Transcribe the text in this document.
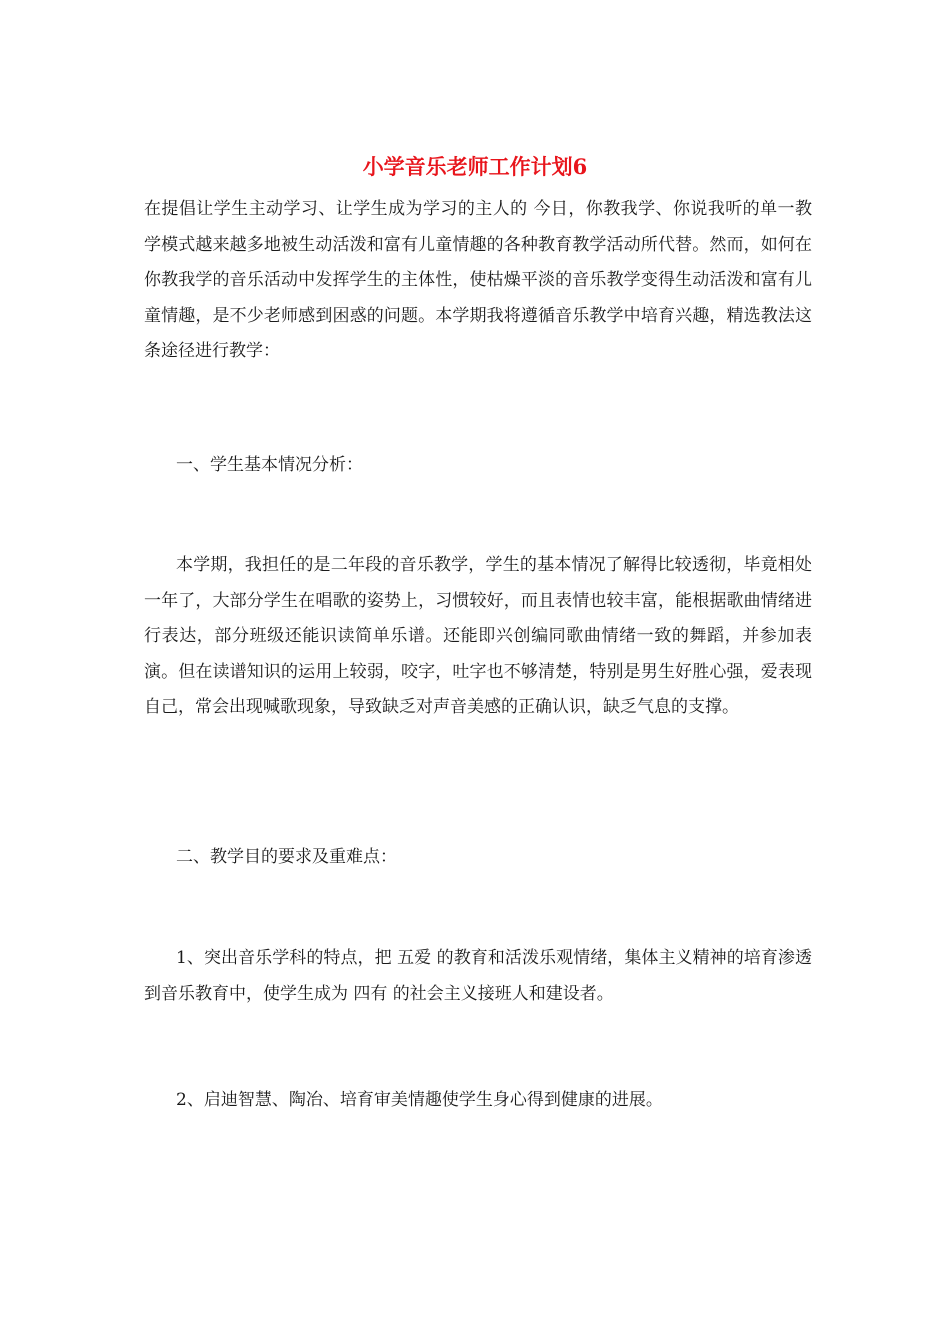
小学音乐老师工作计划6

在提倡让学生主动学习、让学生成为学习的主人的 今日，你教我学、你说我听的单一教学模式越来越多地被生动活泼和富有儿童情趣的各种教育教学活动所代替。然而，如何在你教我学的音乐活动中发挥学生的主体性，使枯燥平淡的音乐教学变得生动活泼和富有儿童情趣，是不少老师感到困惑的问题。本学期我将遵循音乐教学中培育兴趣，精选教法这条途径进行教学：

一、学生基本情况分析：

本学期，我担任的是二年段的音乐教学，学生的基本情况了解得比较透彻，毕竟相处一年了，大部分学生在唱歌的姿势上，习惯较好，而且表情也较丰富，能根据歌曲情绪进行表达，部分班级还能识读简单乐谱。还能即兴创编同歌曲情绪一致的舞蹈，并参加表演。但在读谱知识的运用上较弱，咬字，吐字也不够清楚，特别是男生好胜心强，爱表现自己，常会出现喊歌现象，导致缺乏对声音美感的正确认识，缺乏气息的支撑。

二、教学目的要求及重难点：

1、突出音乐学科的特点，把 五爱 的教育和活泼乐观情绪，集体主义精神的培育渗透到音乐教育中，使学生成为 四有 的社会主义接班人和建设者。

2、启迪智慧、陶冶、培育审美情趣使学生身心得到健康的进展。
